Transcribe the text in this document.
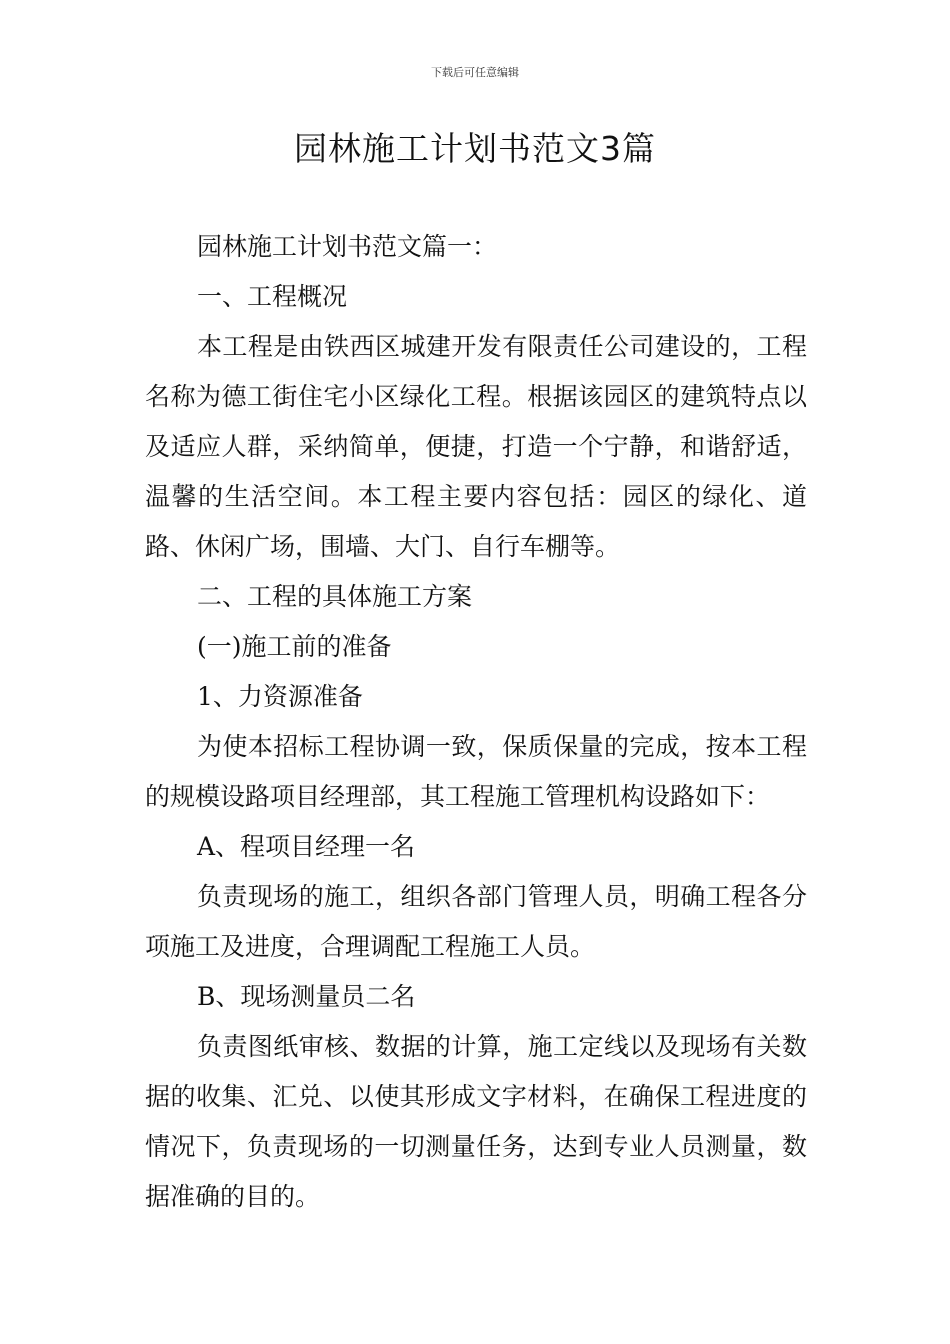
下载后可任意编辑
园林施工计划书范文3篇

园林施工计划书范文篇一：

一、工程概况

本工程是由铁西区城建开发有限责任公司建设的，工程名称为德工街住宅小区绿化工程。根据该园区的建筑特点以及适应人群，采纳简单，便捷，打造一个宁静，和谐舒适，温馨的生活空间。本工程主要内容包括：园区的绿化、道路、休闲广场，围墙、大门、自行车棚等。

二、工程的具体施工方案

(一)施工前的准备

1、力资源准备

为使本招标工程协调一致，保质保量的完成，按本工程的规模设路项目经理部，其工程施工管理机构设路如下：

A、程项目经理一名

负责现场的施工，组织各部门管理人员，明确工程各分项施工及进度，合理调配工程施工人员。

B、现场测量员二名

负责图纸审核、数据的计算，施工定线以及现场有关数据的收集、汇兑、以使其形成文字材料，在确保工程进度的情况下，负责现场的一切测量任务，达到专业人员测量，数据准确的目的。
